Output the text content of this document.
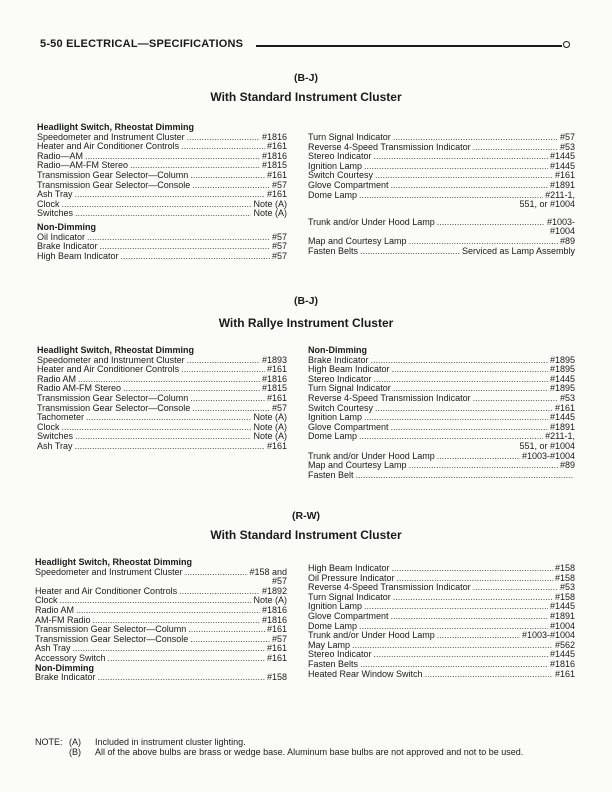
5-50 ELECTRICAL—SPECIFICATIONS
(B-J)
With Standard Instrument Cluster
Headlight Switch, Rheostat Dimming
Speedometer and Instrument Cluster .....	#1816
Heater and Air Conditioner Controls .....	#161
Radio—AM .....	#1816
Radio—AM-FM Stereo .....	#1815
Transmission Gear Selector—Column .....	#161
Transmission Gear Selector—Console .....	#57
Ash Tray .....	#161
Clock .....	Note (A)
Switches .....	Note (A)
Non-Dimming
Oil Indicator .....	#57
Brake Indicator .....	#57
High Beam Indicator .....	#57
Turn Signal Indicator .....	#57
Reverse 4-Speed Transmission Indicator .....	#53
Stereo Indicator .....	#1445
Ignition Lamp .....	#1445
Switch Courtesy .....	#161
Glove Compartment .....	#1891
Dome Lamp .....	#211-1,
551, or #1004
Trunk and/or Under Hood Lamp .....	#1003-
#1004
Map and Courtesy Lamp .....	#89
Fasten Belts .....	Serviced as Lamp Assembly
(B-J)
With Rallye Instrument Cluster
Headlight Switch, Rheostat Dimming
Speedometer and Instrument Cluster .....	#1893
Heater and Air Conditioner Controls .....	#161
Radio AM .....	#1816
Radio AM-FM Stereo .....	#1815
Transmission Gear Selector—Column .....	#161
Transmission Gear Selector—Console .....	#57
Tachometer .....	Note (A)
Clock .....	Note (A)
Switches .....	Note (A)
Ash Tray .....	#161
Non-Dimming
Brake Indicator .....	#1895
High Beam Indicator .....	#1895
Stereo Indicator .....	#1445
Turn Signal Indicator .....	#1895
Reverse 4-Speed Transmission Indicator .....	#53
Switch Courtesy .....	#161
Ignition Lamp .....	#1445
Glove Compartment .....	#1891
Dome Lamp .....	#211-1,
551, or #1004
Trunk and/or Under Hood Lamp .....	#1003-#1004
Map and Courtesy Lamp .....	#89
Fasten Belt
.....
(R-W)
With Standard Instrument Cluster
Headlight Switch, Rheostat Dimming
Speedometer and Instrument Cluster .....	#158 and
#57
Heater and Air Conditioner Controls .....	#1892
Clock .....	Note (A)
Radio AM .....	#1816
AM-FM Radio .....	#1816
Transmission Gear Selector—Column .....	#161
Transmission Gear Selector—Console .....	#57
Ash Tray .....	#161
Accessory Switch .....	#161
Non-Dimming
Brake Indicator .....	#158
High Beam Indicator .....	#158
Oil Pressure Indicator .....	#158
Reverse 4-Speed Transmission Indicator .....	#53
Turn Signal Indicator .....	#158
Ignition Lamp .....	#1445
Glove Compartment .....	#1891
Dome Lamp .....	#1004
Trunk and/or Under Hood Lamp .....	#1003-#1004
May Lamp .....	#562
Stereo Indicator .....	#1445
Fasten Belts .....	#1816
Heated Rear Window Switch .....	#161
NOTE: (A)	Included in instrument cluster lighting.
(B)	All of the above bulbs are brass or wedge base. Aluminum base bulbs are not approved and not to be used.
